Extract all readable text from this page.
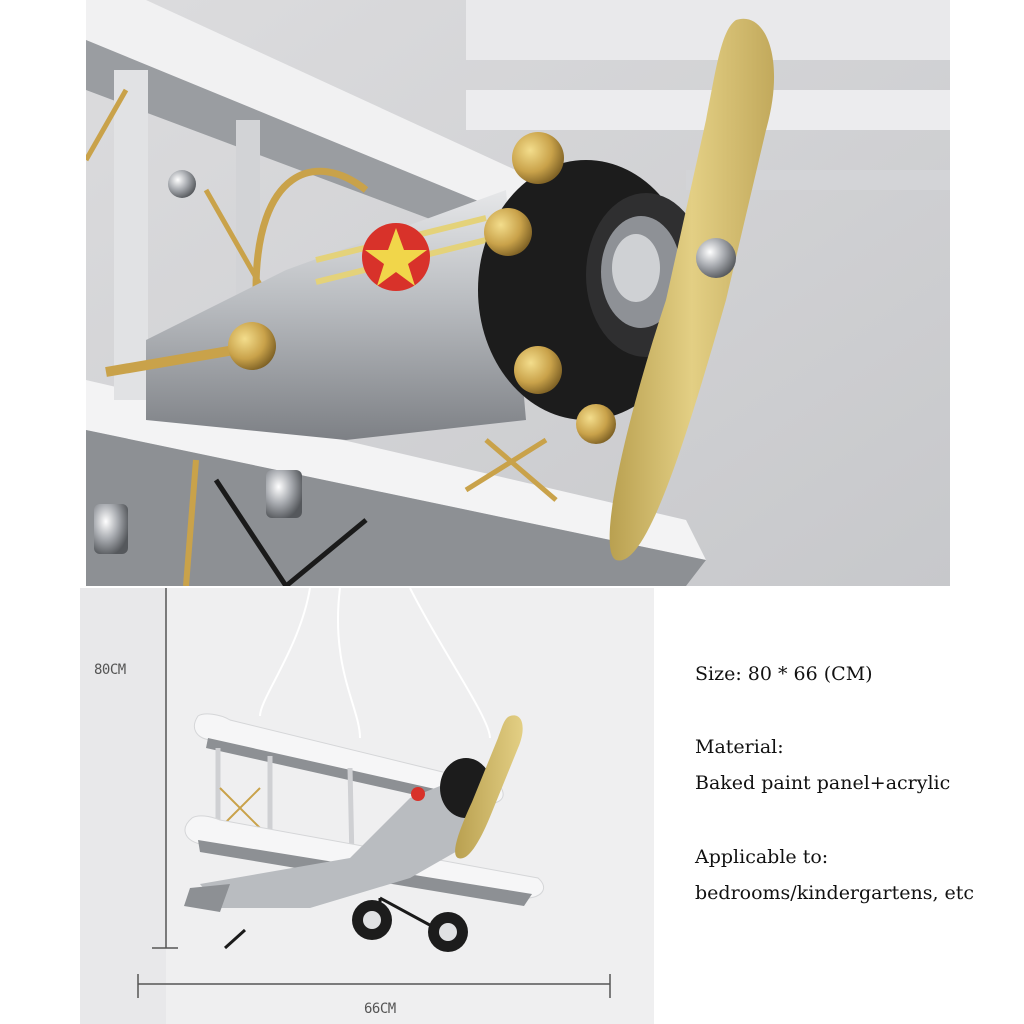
80CM
66CM
Size: 80 * 66 (CM)
Material:
Baked paint panel+acrylic
Applicable to:
bedrooms/kindergartens, etc
